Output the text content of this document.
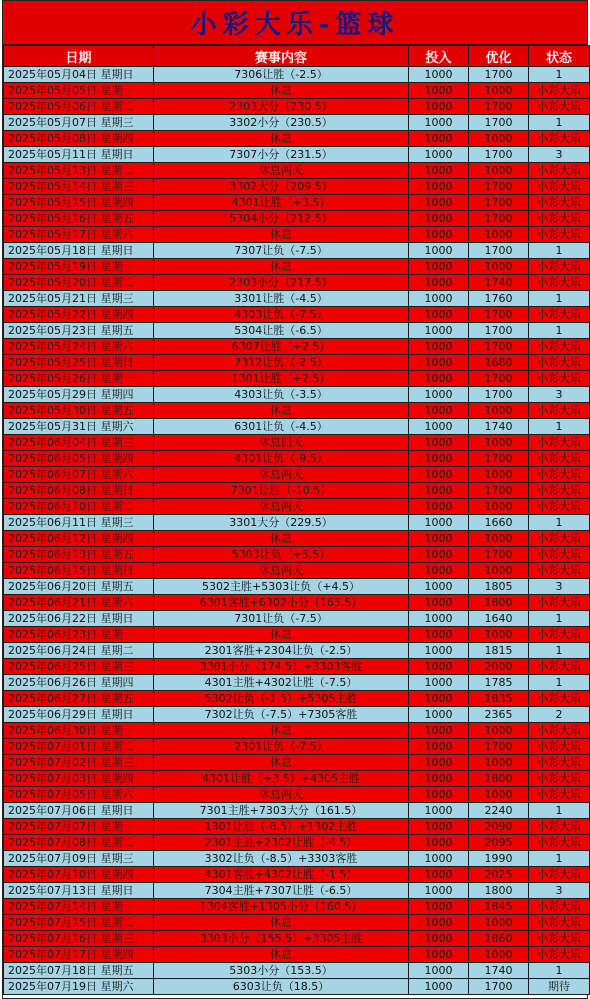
小彩大乐-篮球
日期	赛事内容	投入	优化	状态
2025年05月04日 星期日	7306让胜（-2.5）	1000	1700	1
2025年05月05日 星期一	休息	1000	1000	小彩大乐
2025年05月06日 星期二	2303大分（230.5）	1000	1700	小彩大乐
2025年05月07日 星期三	3302小分（230.5）	1000	1700	1
2025年05月08日 星期四	休息	1000	1000	小彩大乐
2025年05月11日 星期日	7307小分（231.5）	1000	1700	3
2025年05月13日 星期二	休息两天	1000	1000	小彩大乐
2025年05月14日 星期三	3302大分（209.5）	1000	1700	小彩大乐
2025年05月15日 星期四	4301让胜（+3.5）	1000	1700	小彩大乐
2025年05月16日 星期五	5304小分（212.5）	1000	1700	小彩大乐
2025年05月17日 星期六	休息	1000	1000	小彩大乐
2025年05月18日 星期日	7307让负（-7.5）	1000	1700	1
2025年05月19日 星期一	休息	1000	1000	小彩大乐
2025年05月20日 星期二	2303小分（217.5）	1000	1740	小彩大乐
2025年05月21日 星期三	3301让胜（-4.5）	1000	1760	1
2025年05月22日 星期四	4303让负（-7.5）	1000	1700	小彩大乐
2025年05月23日 星期五	5304让胜（-6.5）	1000	1700	1
2025年05月24日 星期六	6307让胜（+2.5）	1000	1700	小彩大乐
2025年05月25日 星期日	7312让负（-2.5）	1000	1680	小彩大乐
2025年05月26日 星期一	1301让胜（+2.5）	1000	1700	小彩大乐
2025年05月29日 星期四	4303让负（-3.5）	1000	1700	3
2025年05月30日 星期五	休息	1000	1000	小彩大乐
2025年05月31日 星期六	6301让负（-4.5）	1000	1740	1
2025年06月04日 星期三	休息四天	1000	1000	小彩大乐
2025年06月05日 星期四	4301让负（-9.5）	1000	1700	小彩大乐
2025年06月07日 星期六	休息两天	1000	1000	小彩大乐
2025年06月08日 星期日	7301让胜（-10.5）	1000	1700	小彩大乐
2025年06月10日 星期二	休息两天	1000	1000	小彩大乐
2025年06月11日 星期三	3301大分（229.5）	1000	1660	1
2025年06月12日 星期四	休息	1000	1000	小彩大乐
2025年06月13日 星期五	5303让负（+5.5）	1000	1700	小彩大乐
2025年06月15日 星期日	休息两天	1000	1000	小彩大乐
2025年06月20日 星期五	5302主胜+5303让负（+4.5）	1000	1805	3
2025年06月21日 星期六	6301客胜+6302小分（165.5）	1000	1800	小彩大乐
2025年06月22日 星期日	7301让负（-7.5）	1000	1640	1
2025年06月23日 星期一	休息	1000	1000	小彩大乐
2025年06月24日 星期二	2301客胜+2304让负（-2.5）	1000	1815	1
2025年06月25日 星期三	3301小分（174.5）+3303客胜	1000	2000	小彩大乐
2025年06月26日 星期四	4301主胜+4302让胜（-7.5）	1000	1785	1
2025年06月27日 星期五	5302让负（-1.5）+5305主胜	1000	1835	小彩大乐
2025年06月29日 星期日	7302让负（-7.5）+7305客胜	1000	2365	2
2025年06月30日 星期一	休息	1000	1000	小彩大乐
2025年07月01日 星期二	2301让负（-7.5）	1000	1700	小彩大乐
2025年07月02日 星期三	休息	1000	1000	小彩大乐
2025年07月03日 星期四	4301让胜（+3.5）+4305主胜	1000	1800	小彩大乐
2025年07月05日 星期六	休息两天	1000	1000	小彩大乐
2025年07月06日 星期日	7301主胜+7303大分（161.5）	1000	2240	1
2025年07月07日 星期一	1301让胜（-6.5）+1302主胜	1000	2090	小彩大乐
2025年07月08日 星期二	2301主胜+2302让胜（-4.5）	1000	2095	小彩大乐
2025年07月09日 星期三	3302让负（-8.5）+3303客胜	1000	1990	1
2025年07月10日 星期四	4301客胜+4302让胜（-1.5）	1000	2025	小彩大乐
2025年07月13日 星期日	7304主胜+7307让胜（-6.5）	1000	1800	3
2025年07月14日 星期一	1304客胜+1305小分（160.5）	1000	1845	小彩大乐
2025年07月15日 星期二	休息	1000	1000	小彩大乐
2025年07月16日 星期三	3303小分（155.5）+3305主胜	1000	1860	小彩大乐
2025年07月17日 星期四	休息	1000	1000	小彩大乐
2025年07月18日 星期五	5303小分（153.5）	1000	1740	1
2025年07月19日 星期六	6303让负（18.5）	1000	1700	期待
